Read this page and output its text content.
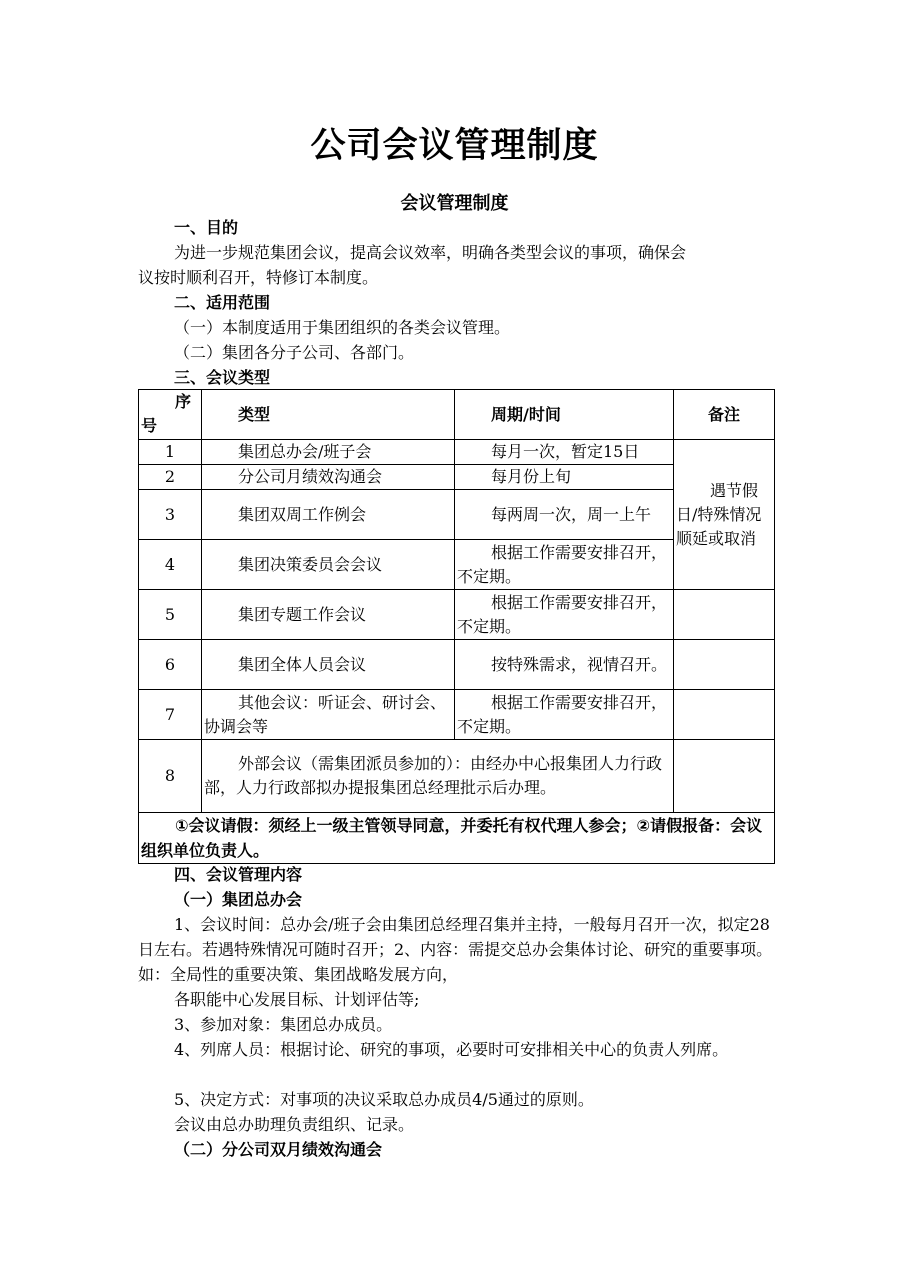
公司会议管理制度
会议管理制度
一、目的
为进一步规范集团会议，提高会议效率，明确各类型会议的事项，确保会
议按时顺利召开，特修订本制度。
二、适用范围
（一）本制度适用于集团组织的各类会议管理。
（二）集团各分子公司、各部门。
三、会议类型
序
号	类型	周期/时间	备注
1	集团总办会/班子会	每月一次，暂定15日	遇节假日/特殊情况顺延或取消
2	分公司月绩效沟通会	每月份上旬	
3	集团双周工作例会	每两周一次，周一上午	
4	集团决策委员会会议	根据工作需要安排召开，不定期。	
5	集团专题工作会议	根据工作需要安排召开，不定期。	
6	集团全体人员会议	按特殊需求，视情召开。	
7	其他会议：听证会、研讨会、协调会等	根据工作需要安排召开，不定期。	
8	外部会议（需集团派员参加的）：由经办中心报集团人力行政部，人力行政部拟办提报集团总经理批示后办理。		
①会议请假：须经上一级主管领导同意，并委托有权代理人参会；②请假报备：会议组织单位负责人。			
四、会议管理内容
（一）集团总办会
1、会议时间：总办会/班子会由集团总经理召集并主持，一般每月召开一次，拟定28日左右。若遇特殊情况可随时召开；2、内容：需提交总办会集体讨论、研究的重要事项。如：全局性的重要决策、集团战略发展方向，
各职能中心发展目标、计划评估等;
3、参加对象：集团总办成员。
4、列席人员：根据讨论、研究的事项，必要时可安排相关中心的负责人列席。
5、决定方式：对事项的决议采取总办成员4/5通过的原则。
会议由总办助理负责组织、记录。
（二）分公司双月绩效沟通会
